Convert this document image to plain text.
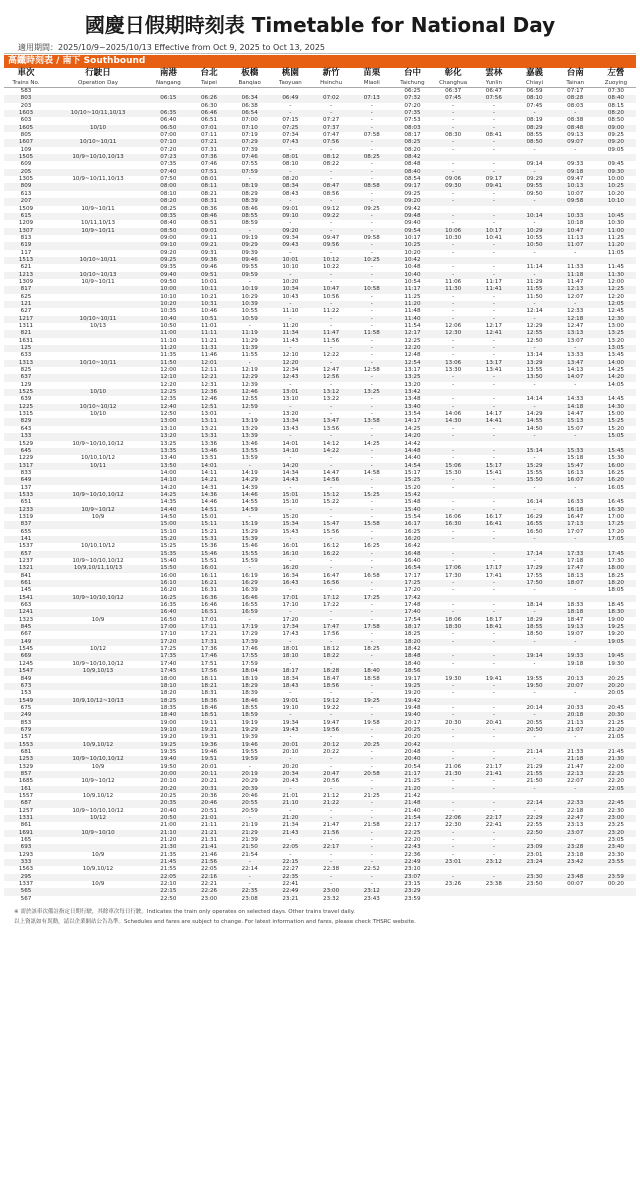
國慶日假期時刻表 Timetable for National Day
適用期間：2025/10/9~2025/10/13 Effective from Oct 9, 2025 to Oct 13, 2025
高鐵時刻表 / 南下 Southbound
車次	行駛日	南港	台北	板橋	桃園	新竹	苗栗	台中	彰化	雲林	嘉義	台南	左營
Trains No.	Operation Day	Nangang	Taipei	Banqiao	Taoyuan	Hsinchu	Miaoli	Taichung	Changhua	Yunlin	Chiayi	Tainan	Zuoying
583								06:25	06:37	06:47	06:59	07:17	07:30
803		06:15	06:26	06:34	06:49	07:02	07:13	07:32	07:45	07:56	08:10	08:28	08:40
203			06:30	06:38	-	-	-	07:20	-	-	07:45	08:03	08:15
1603	10/10~10/11,10/13	06:35	06:46	06:54	-	-	-	07:35	-	-	-	-	08:20
603		06:40	06:51	07:00	07:15	07:27	-	07:53	-	-	08:19	08:38	08:50
1605	10/10	06:50	07:01	07:10	07:25	07:37	-	08:03	-	-	08:29	08:48	09:00
805		07:00	07:11	07:19	07:34	07:47	07:58	08:17	08:30	08:41	08:55	09:13	09:25
1607	10/10~10/11	07:10	07:21	07:29	07:43	07:56	-	08:25	-	-	08:50	09:07	09:20
109		07:20	07:31	07:39	-	-	-	08:20	-	-	-	-	09:05
1505	10/9~10/10,10/13	07:23	07:36	07:46	08:01	08:12	08:25	08:42					
609		07:35	07:46	07:55	08:10	08:22	-	08:48	-	-	09:14	09:33	09:45
205		07:40	07:51	07:59	-	-	-	08:40	-	-	-	09:18	09:30
1305	10/9~10/11,10/13	07:50	08:01	-	08:20	-	-	08:54	09:06	09:17	09:29	09:47	10:00
809		08:00	08:11	08:19	08:34	08:47	08:58	09:17	09:30	09:41	09:55	10:13	10:25
613		08:10	08:21	08:29	08:43	08:56	-	09:25	-	-	09:50	10:07	10:20
207		08:20	08:31	08:39	-	-	-	09:20	-	-	-	09:58	10:10
1509	10/9~10/11	08:25	08:36	08:46	09:01	09:12	09:25	09:42					
615		08:35	08:46	08:55	09:10	09:22	-	09:48	-	-	10:14	10:33	10:45
1209	10/11,10/13	08:40	08:51	08:59	-	-	-	09:40	-	-	-	10:18	10:30
1307	10/9~10/11	08:50	09:01	-	09:20	-	-	09:54	10:06	10:17	10:29	10:47	11:00
813		09:00	09:11	09:19	09:34	09:47	09:58	10:17	10:30	10:41	10:55	11:13	11:25
619		09:10	09:21	09:29	09:43	09:56	-	10:25	-	-	10:50	11:07	11:20
117		09:20	09:31	09:39	-	-	-	10:20	-	-	-	-	11:05
1513	10/10~10/11	09:25	09:36	09:46	10:01	10:12	10:25	10:42					
621		09:35	09:46	09:55	10:10	10:22	-	10:48	-	-	11:14	11:33	11:45
1213	10/10~10/13	09:40	09:51	09:59	-	-	-	10:40	-	-	-	11:18	11:30
1309	10/9~10/11	09:50	10:01	-	10:20	-	-	10:54	11:06	11:17	11:29	11:47	12:00
817		10:00	10:11	10:19	10:34	10:47	10:58	11:17	11:30	11:41	11:55	12:13	12:25
625		10:10	10:21	10:29	10:43	10:56	-	11:25	-	-	11:50	12:07	12:20
121		10:20	10:31	10:39	-	-	-	11:20	-	-	-	-	12:05
627		10:35	10:46	10:55	11:10	11:22	-	11:48	-	-	12:14	12:33	12:45
1217	10/10~10/11	10:40	10:51	10:59	-	-	-	11:40	-	-	-	12:18	12:30
1311	10/13	10:50	11:01	-	11:20	-	-	11:54	12:06	12:17	12:29	12:47	13:00
821		11:00	11:11	11:19	11:34	11:47	11:58	12:17	12:30	12:41	12:55	13:13	13:25
1631		11:10	11:21	11:29	11:43	11:56	-	12:25	-	-	12:50	13:07	13:20
125		11:20	11:31	11:39	-	-	-	12:20	-	-	-	-	13:05
633		11:35	11:46	11:55	12:10	12:22	-	12:48	-	-	13:14	13:33	13:45
1313	10/10~10/11	11:50	12:01	-	12:20	-	-	12:54	13:06	13:17	13:29	13:47	14:00
825		12:00	12:11	12:19	12:34	12:47	12:58	13:17	13:30	13:41	13:55	14:13	14:25
637		12:10	12:21	12:29	12:43	12:56	-	13:25	-	-	13:50	14:07	14:20
129		12:20	12:31	12:39	-	-	-	13:20	-	-	-	-	14:05
1525	10/10	12:25	12:36	12:46	13:01	13:12	13:25	13:42					
639		12:35	12:46	12:55	13:10	13:22	-	13:48	-	-	14:14	14:33	14:45
1225	10/10~10/12	12:40	12:51	12:59	-	-	-	13:40	-	-	-	14:18	14:30
1315	10/10	12:50	13:01	-	13:20	-	-	13:54	14:06	14:17	14:29	14:47	15:00
829		13:00	13:11	13:19	13:34	13:47	13:58	14:17	14:30	14:41	14:55	15:13	15:25
643		13:10	13:21	13:29	13:43	13:56	-	14:25	-	-	14:50	15:07	15:20
133		13:20	13:31	13:39	-	-	-	14:20	-	-	-	-	15:05
1529	10/9~10/10,10/12	13:25	13:36	13:46	14:01	14:12	14:25	14:42					
645		13:35	13:46	13:55	14:10	14:22	-	14:48	-	-	15:14	15:33	15:45
1229	10/10,10/12	13:40	13:51	13:59	-	-	-	14:40	-	-	-	15:18	15:30
1317	10/11	13:50	14:01	-	14:20	-	-	14:54	15:06	15:17	15:29	15:47	16:00
833		14:00	14:11	14:19	14:34	14:47	14:58	15:17	15:30	15:41	15:55	16:13	16:25
649		14:10	14:21	14:29	14:43	14:56	-	15:25	-	-	15:50	16:07	16:20
137		14:20	14:31	14:39	-	-	-	15:20	-	-	-	-	16:05
1533	10/9~10/10,10/12	14:25	14:36	14:46	15:01	15:12	15:25	15:42					
651		14:35	14:46	14:55	15:10	15:22	-	15:48	-	-	16:14	16:33	16:45
1233	10/9~10/12	14:40	14:51	14:59	-	-	-	15:40	-	-	-	16:18	16:30
1319	10/9	14:50	15:01	-	15:20	-	-	15:54	16:06	16:17	16:29	16:47	17:00
837		15:00	15:11	15:19	15:34	15:47	15:58	16:17	16:30	16:41	16:55	17:13	17:25
655		15:10	15:21	15:29	15:43	15:56	-	16:25	-	-	16:50	17:07	17:20
141		15:20	15:31	15:39	-	-	-	16:20	-	-	-	-	17:05
1537	10/10,10/12	15:25	15:36	15:46	16:01	16:12	16:25	16:42					
657		15:35	15:46	15:55	16:10	16:22	-	16:48	-	-	17:14	17:33	17:45
1237	10/9~10/10,10/12	15:40	15:51	15:59	-	-	-	16:40	-	-	-	17:18	17:30
1321	10/9,10/11,10/13	15:50	16:01	-	16:20	-	-	16:54	17:06	17:17	17:29	17:47	18:00
841		16:00	16:11	16:19	16:34	16:47	16:58	17:17	17:30	17:41	17:55	18:13	18:25
661		16:10	16:21	16:29	16:43	16:56	-	17:25	-	-	17:50	18:07	18:20
145		16:20	16:31	16:39	-	-	-	17:20	-	-	-	-	18:05
1541	10/9~10/10,10/12	16:25	16:36	16:46	17:01	17:12	17:25	17:42					
663		16:35	16:46	16:55	17:10	17:22	-	17:48	-	-	18:14	18:33	18:45
1241		16:40	16:51	16:59	-	-	-	17:40	-	-	-	18:18	18:30
1323	10/9	16:50	17:01	-	17:20	-	-	17:54	18:06	18:17	18:29	18:47	19:00
845		17:00	17:11	17:19	17:34	17:47	17:58	18:17	18:30	18:41	18:55	19:13	19:25
667		17:10	17:21	17:29	17:43	17:56	-	18:25	-	-	18:50	19:07	19:20
149		17:20	17:31	17:39	-	-	-	18:20	-	-	-	-	19:05
1545	10/12	17:25	17:36	17:46	18:01	18:12	18:25	18:42					
669		17:35	17:46	17:55	18:10	18:22	-	18:48	-	-	19:14	19:33	19:45
1245	10/9~10/10,10/12	17:40	17:51	17:59	-	-	-	18:40	-	-	-	19:18	19:30
1547	10/9,10/13	17:45	17:56	18:04	18:17	18:28	18:40	18:56					
849		18:00	18:11	18:19	18:34	18:47	18:58	19:17	19:30	19:41	19:55	20:13	20:25
673		18:10	18:21	18:29	18:43	18:56	-	19:25	-	-	19:50	20:07	20:20
153		18:20	18:31	18:39	-	-	-	19:20	-	-	-	-	20:05
1549	10/9,10/12~10/13	18:25	18:36	18:46	19:01	19:12	19:25	19:42					
675		18:35	18:46	18:55	19:10	19:22	-	19:48	-	-	20:14	20:33	20:45
249		18:40	18:51	18:59	-	-	-	19:40	-	-	-	20:18	20:30
853		19:00	19:11	19:19	19:34	19:47	19:58	20:17	20:30	20:41	20:55	21:13	21:25
679		19:10	19:21	19:29	19:43	19:56	-	20:25	-	-	20:50	21:07	21:20
157		19:20	19:31	19:39	-	-	-	20:20	-	-	-	-	21:05
1553	10/9,10/12	19:25	19:36	19:46	20:01	20:12	20:25	20:42					
681		19:35	19:46	19:55	20:10	20:22	-	20:48	-	-	21:14	21:33	21:45
1253	10/9~10/10,10/12	19:40	19:51	19:59	-	-	-	20:40	-	-	-	21:18	21:30
1329	10/9	19:50	20:01	-	20:20	-	-	20:54	21:06	21:17	21:29	21:47	22:00
857		20:00	20:11	20:19	20:34	20:47	20:58	21:17	21:30	21:41	21:55	22:13	22:25
1685	10/9~10/12	20:10	20:21	20:29	20:43	20:56	-	21:25	-	-	21:50	22:07	22:20
161		20:20	20:31	20:39	-	-	-	21:20	-	-	-	-	22:05
1557	10/9,10/12	20:25	20:36	20:46	21:01	21:12	21:25	21:42					
687		20:35	20:46	20:55	21:10	21:22	-	21:48	-	-	22:14	22:33	22:45
1257	10/9~10/10,10/12	20:40	20:51	20:59	-	-	-	21:40	-	-	-	22:18	22:30
1331	10/12	20:50	21:01	-	21:20	-	-	21:54	22:06	22:17	22:29	22:47	23:00
861		21:00	21:11	21:19	21:34	21:47	21:58	22:17	22:30	22:41	22:55	23:13	23:25
1691	10/9~10/10	21:10	21:21	21:29	21:43	21:56	-	22:25	-	-	22:50	23:07	23:20
165		21:20	21:31	21:39	-	-	-	22:20	-	-	-	-	23:05
693		21:30	21:41	21:50	22:05	22:17	-	22:43	-	-	23:09	23:28	23:40
1293	10/9	21:35	21:46	21:54	-	-	-	22:36	-	-	23:01	23:18	23:30
333		21:45	21:56	-	22:15	-	-	22:49	23:01	23:12	23:24	23:42	23:55
1563	10/9,10/12	21:55	22:05	22:14	22:27	22:38	22:52	23:10					
295		22:05	22:16	-	22:35	-	-	23:07	-	-	23:30	23:48	23:59
1337	10/9	22:10	22:21	-	22:41	-	-	23:15	23:26	23:38	23:50	00:07	00:20
565		22:15	22:26	22:35	22:49	23:00	23:12	23:29					
567		22:50	23:00	23:08	23:21	23:32	23:43	23:59					
※ 需於該車次備註指定日期行駛，其餘車次每日行駛。Indicates the train only operates on selected days. Other trains travel daily.
以上資訊如有異動，請以企業網站公告為準。Schedules and fares are subject to change. For latest information and fares, please check THSRC website.
